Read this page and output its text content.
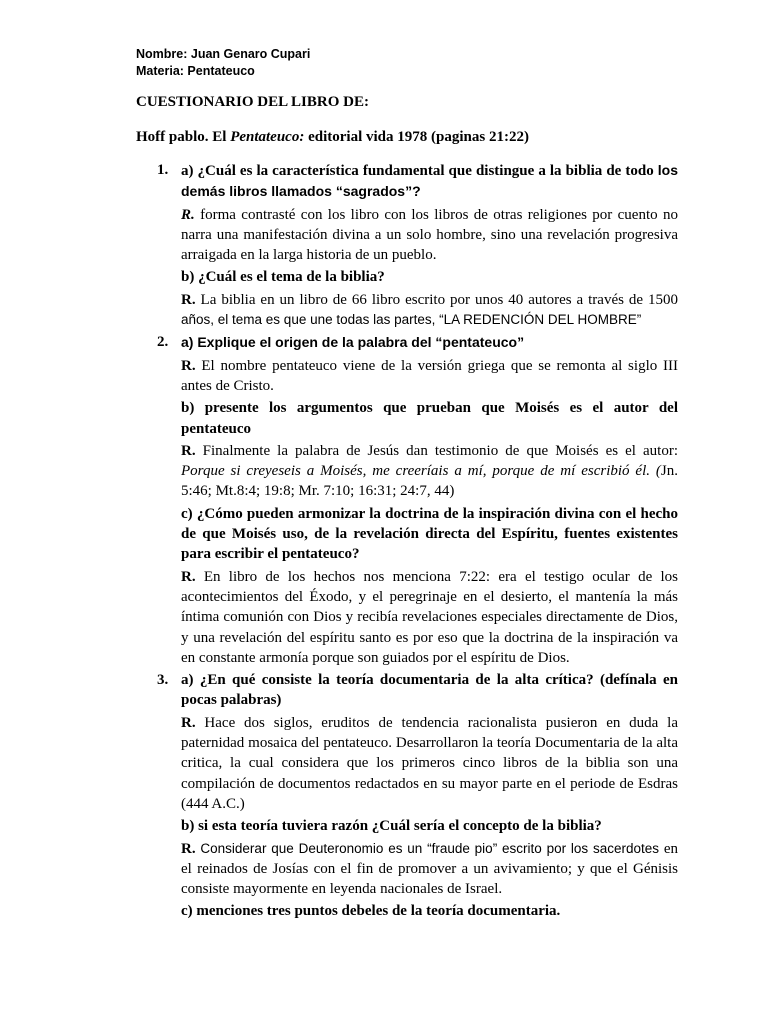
Nombre: Juan Genaro Cupari
Materia: Pentateuco
CUESTIONARIO DEL LIBRO DE:
Hoff pablo. El Pentateuco: editorial vida 1978 (paginas 21:22)
1. a) ¿Cuál es la característica fundamental que distingue a la biblia de todo los demás libros llamados “sagrados”?
R. forma contrasté con los libro con los libros de otras religiones por cuento no narra una manifestación divina a un solo hombre, sino una revelación progresiva arraigada en la larga historia de un pueblo.
b) ¿Cuál es el tema de la biblia?
R. La biblia en un libro de 66 libro escrito por unos 40 autores a través de 1500 años, el tema es que une todas las partes, “LA REDENCIÓN DEL HOMBRE”
2. a) Explique el origen de la palabra del “pentateuco”
R. El nombre pentateuco viene de la versión griega que se remonta al siglo III antes de Cristo.
b) presente los argumentos que prueban que Moisés es el autor del pentateuco
R. Finalmente la palabra de Jesús dan testimonio de que Moisés es el autor: Porque si creyeseis a Moisés, me creeríais a mí, porque de mí escribió él. (Jn. 5:46; Mt.8:4; 19:8; Mr. 7:10; 16:31; 24:7, 44)
c) ¿Cómo pueden armonizar la doctrina de la inspiración divina con el hecho de que Moisés uso, de la revelación directa del Espíritu, fuentes existentes para escribir el pentateuco?
R. En libro de los hechos nos menciona 7:22: era el testigo ocular de los acontecimientos del Éxodo, y el peregrinaje en el desierto, el mantenía la más íntima comunión con Dios y recibía revelaciones especiales directamente de Dios, y una revelación del espíritu santo es por eso que la doctrina de la inspiración va en constante armonía porque son guiados por el espíritu de Dios.
3. a) ¿En qué consiste la teoría documentaria de la alta crítica? (defínala en pocas palabras)
R. Hace dos siglos, eruditos de tendencia racionalista pusieron en duda la paternidad mosaica del pentateuco. Desarrollaron la teoría Documentaria de la alta critica, la cual considera que los primeros cinco libros de la biblia son una compilación de documentos redactados en su mayor parte en el periode de Esdras (444 A.C.)
b) si esta teoría tuviera razón ¿Cuál sería el concepto de la biblia?
R. Considerar que Deuteronomio es un “fraude pio” escrito por los sacerdotes en el reinados de Josías con el fin de promover a un avivamiento; y que el Génisis consiste mayormente en leyenda nacionales de Israel.
c) menciones tres puntos debeles de la teoría documentaria.
